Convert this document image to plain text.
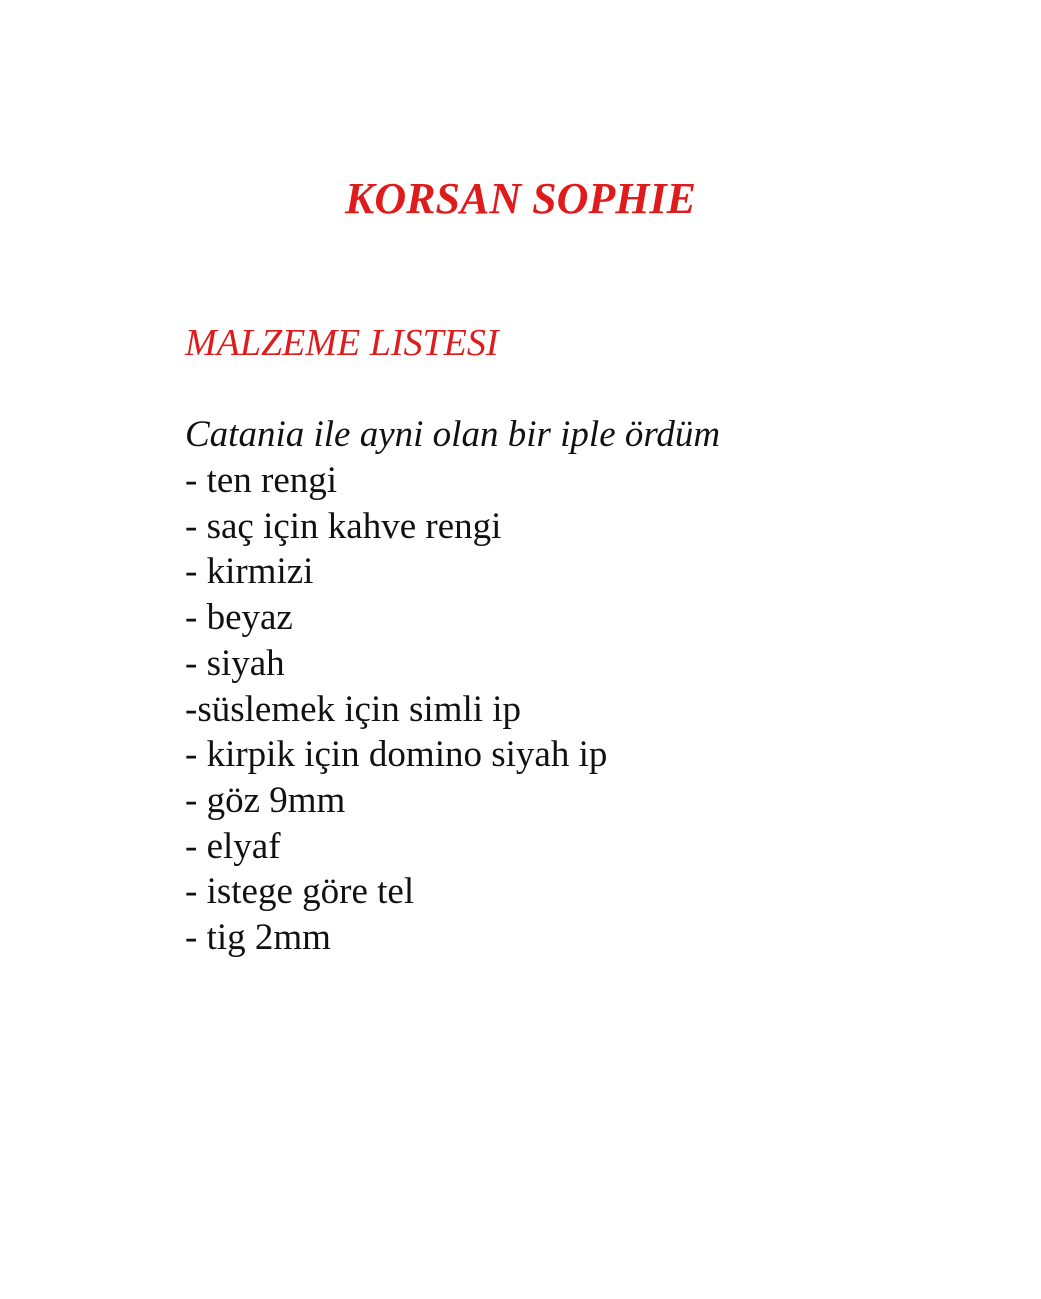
KORSAN SOPHIE
MALZEME LISTESI

Catania ile ayni olan bir iple ördüm

- ten rengi
- saç için kahve rengi
- kirmizi
- beyaz
- siyah
-süslemek için simli ip
- kirpik için domino siyah ip
- göz 9mm
- elyaf
- istege göre tel
- tig 2mm
